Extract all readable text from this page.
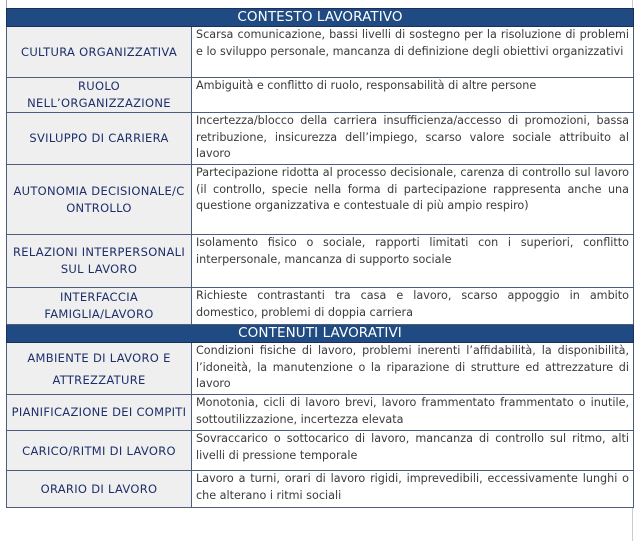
CONTESTO LAVORATIVO	
CULTURA ORGANIZZATIVA	Scarsa comunicazione, bassi livelli di sostegno per la risoluzione di problemi e lo sviluppo personale, mancanza di definizione degli obiettivi organizzativi
RUOLO NELL’ORGANIZZAZIONE	Ambiguità e conflitto di ruolo, responsabilità di altre persone
SVILUPPO DI CARRIERA	Incertezza/blocco della carriera insufficienza/accesso di promozioni, bassa retribuzione, insicurezza dell’impiego, scarso valore sociale attribuito al lavoro
AUTONOMIA DECISIONALE/CONTROLLO	Partecipazione ridotta al processo decisionale, carenza di controllo sul lavoro (il controllo, specie nella forma di partecipazione rappresenta anche una questione organizzativa e contestuale di più ampio respiro)
RELAZIONI INTERPERSONALI SUL LAVORO	Isolamento fisico o sociale, rapporti limitati con i superiori, conflitto interpersonale, mancanza di supporto sociale
INTERFACCIA FAMIGLIA/LAVORO	Richieste contrastanti tra casa e lavoro, scarso appoggio in ambito domestico, problemi di doppia carriera
CONTENUTI LAVORATIVI	
AMBIENTE DI LAVORO E ATTREZZATURE	Condizioni fisiche di lavoro, problemi inerenti l’affidabilità, la disponibilità, l’idoneità, la manutenzione o la riparazione di strutture ed attrezzature di lavoro
PIANIFICAZIONE DEI COMPITI	Monotonia, cicli di lavoro brevi, lavoro frammentato frammentato o inutile, sottoutilizzazione, incertezza elevata
CARICO/RITMI DI LAVORO	Sovraccarico o sottocarico di lavoro, mancanza di controllo sul ritmo, alti livelli di pressione temporale
ORARIO DI LAVORO	Lavoro a turni, orari di lavoro rigidi, imprevedibili, eccessivamente lunghi o che alterano i ritmi sociali
